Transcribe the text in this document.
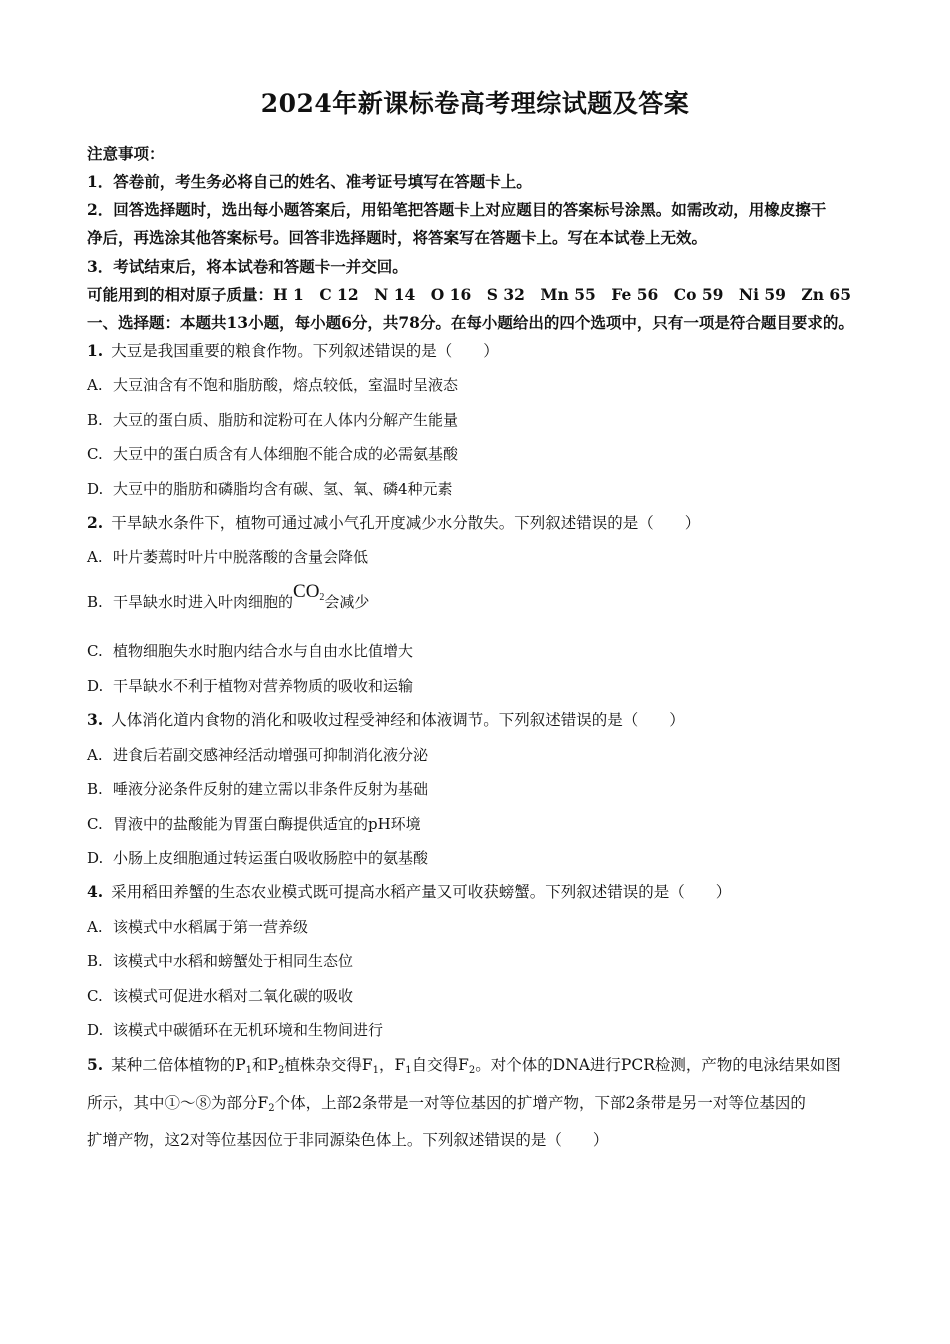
2024年新课标卷高考理综试题及答案
注意事项：
1．答卷前，考生务必将自己的姓名、准考证号填写在答题卡上。
2．回答选择题时，选出每小题答案后，用铅笔把答题卡上对应题目的答案标号涂黑。如需改动，用橡皮擦干
净后，再选涂其他答案标号。回答非选择题时，将答案写在答题卡上。写在本试卷上无效。
3．考试结束后，将本试卷和答题卡一并交回。
可能用到的相对原子质量：H 1　C 12　N 14　O 16　S 32　Mn 55　Fe 56　Co 59　Ni 59　Zn 65
一、选择题：本题共13小题，每小题6分，共78分。在每小题给出的四个选项中，只有一项是符合题目要求的。
1. 大豆是我国重要的粮食作物。下列叙述错误的是（　　）
A. 大豆油含有不饱和脂肪酸，熔点较低，室温时呈液态
B. 大豆的蛋白质、脂肪和淀粉可在人体内分解产生能量
C. 大豆中的蛋白质含有人体细胞不能合成的必需氨基酸
D. 大豆中的脂肪和磷脂均含有碳、氢、氧、磷4种元素
2. 干旱缺水条件下，植物可通过减小气孔开度减少水分散失。下列叙述错误的是（　　）
A. 叶片萎蔫时叶片中脱落酸的含量会降低
B. 干旱缺水时进入叶肉细胞的$CO_2$会减少
C. 植物细胞失水时胞内结合水与自由水比值增大
D. 干旱缺水不利于植物对营养物质的吸收和运输
3. 人体消化道内食物的消化和吸收过程受神经和体液调节。下列叙述错误的是（　　）
A. 进食后若副交感神经活动增强可抑制消化液分泌
B. 唾液分泌条件反射的建立需以非条件反射为基础
C. 胃液中的盐酸能为胃蛋白酶提供适宜的pH环境
D. 小肠上皮细胞通过转运蛋白吸收肠腔中的氨基酸
4. 采用稻田养蟹的生态农业模式既可提高水稻产量又可收获螃蟹。下列叙述错误的是（　　）
A. 该模式中水稻属于第一营养级
B. 该模式中水稻和螃蟹处于相同生态位
C. 该模式可促进水稻对二氧化碳的吸收
D. 该模式中碳循环在无机环境和生物间进行
5. 某种二倍体植物的$P_1$和$P_2$植株杂交得$F_1$，$F_1$自交得$F_2$。对个体的DNA进行PCR检测，产物的电泳结果如图
所示，其中①～⑧为部分$F_2$个体，上部2条带是一对等位基因的扩增产物，下部2条带是另一对等位基因的
扩增产物，这2对等位基因位于非同源染色体上。下列叙述错误的是（　　）
